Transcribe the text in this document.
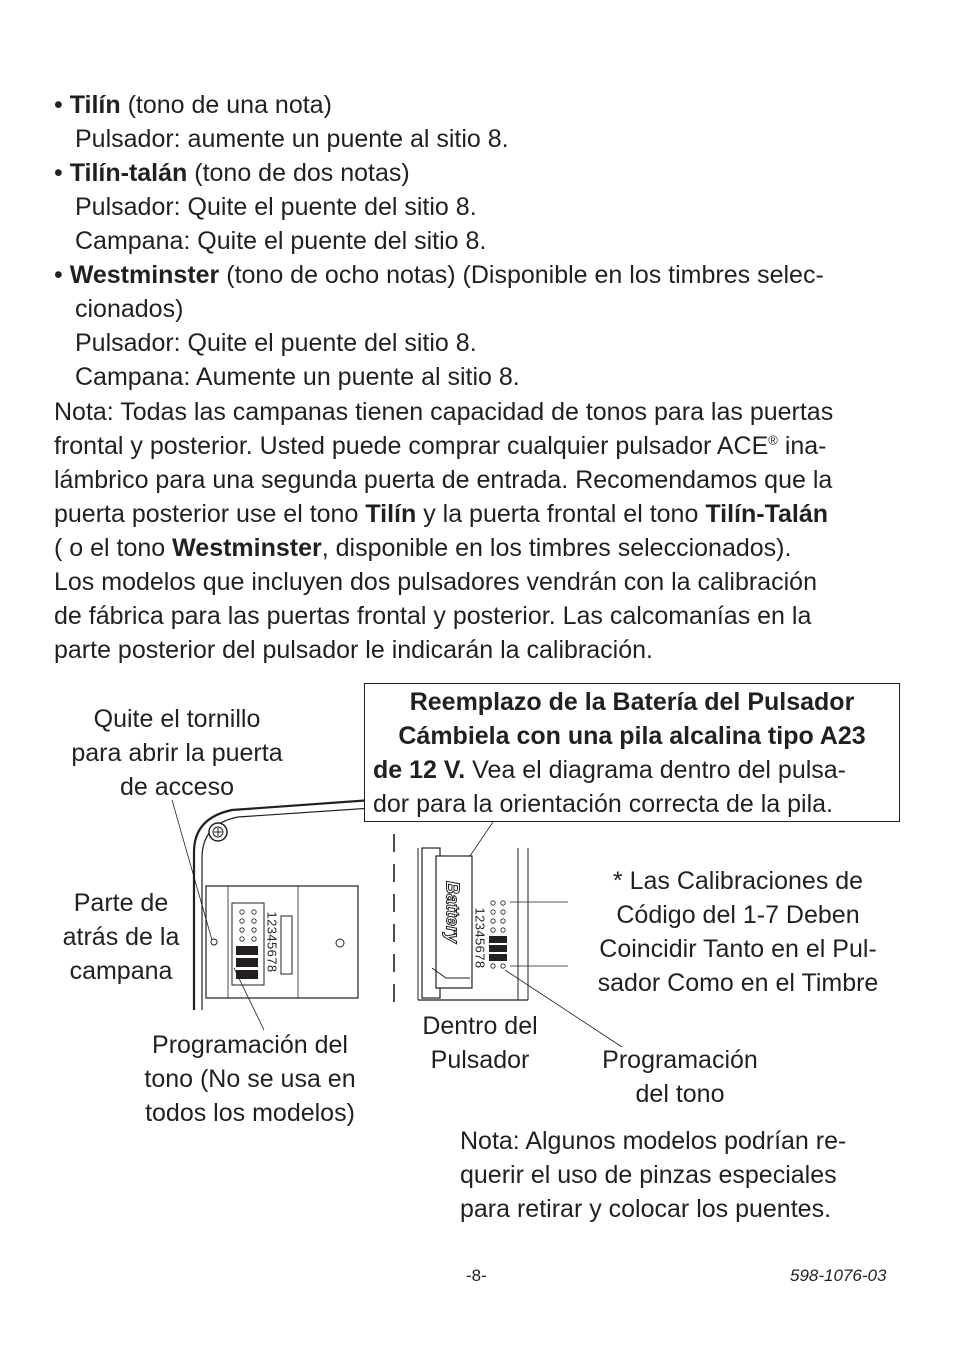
• Tilín (tono de una nota)
Pulsador: aumente un puente al sitio 8.
• Tilín-talán (tono de dos notas)
Pulsador: Quite el puente del sitio 8.
Campana: Quite el puente del sitio 8.
• Westminster (tono de ocho notas) (Disponible en los timbres selec-
cionados)
Pulsador: Quite el puente del sitio 8.
Campana: Aumente un puente al sitio 8.
Nota: Todas las campanas tienen capacidad de tonos para las puertas
frontal y posterior. Usted puede comprar cualquier pulsador ACE® ina-
lámbrico para una segunda puerta de entrada. Recomendamos que la
puerta posterior use el tono Tilín y la puerta frontal el tono Tilín-Talán
( o el tono Westminster, disponible en los timbres seleccionados).
Los modelos que incluyen dos pulsadores vendrán con la calibración
de fábrica para las puertas frontal y posterior. Las calcomanías en la
parte posterior del pulsador le indicarán la calibración.
12345678	12345678
Battery
Reemplazo de la Batería del Pulsador
Cámbiela con una pila alcalina tipo A23
de 12 V. Vea el diagrama dentro del pulsa-
dor para la orientación correcta de la pila.
Quite el tornillo
para abrir la puerta
de acceso
Parte de
atrás de la
campana
Programación del
tono (No se usa en
todos los modelos)
Dentro del
Pulsador	Programación
del tono
* Las Calibraciones de
Código del 1-7 Deben
Coincidir Tanto en el Pul-
sador Como en el Timbre
Nota: Algunos modelos podrían re-
querir el uso de pinzas especiales
para retirar y colocar los puentes.
-8-	598-1076-03
